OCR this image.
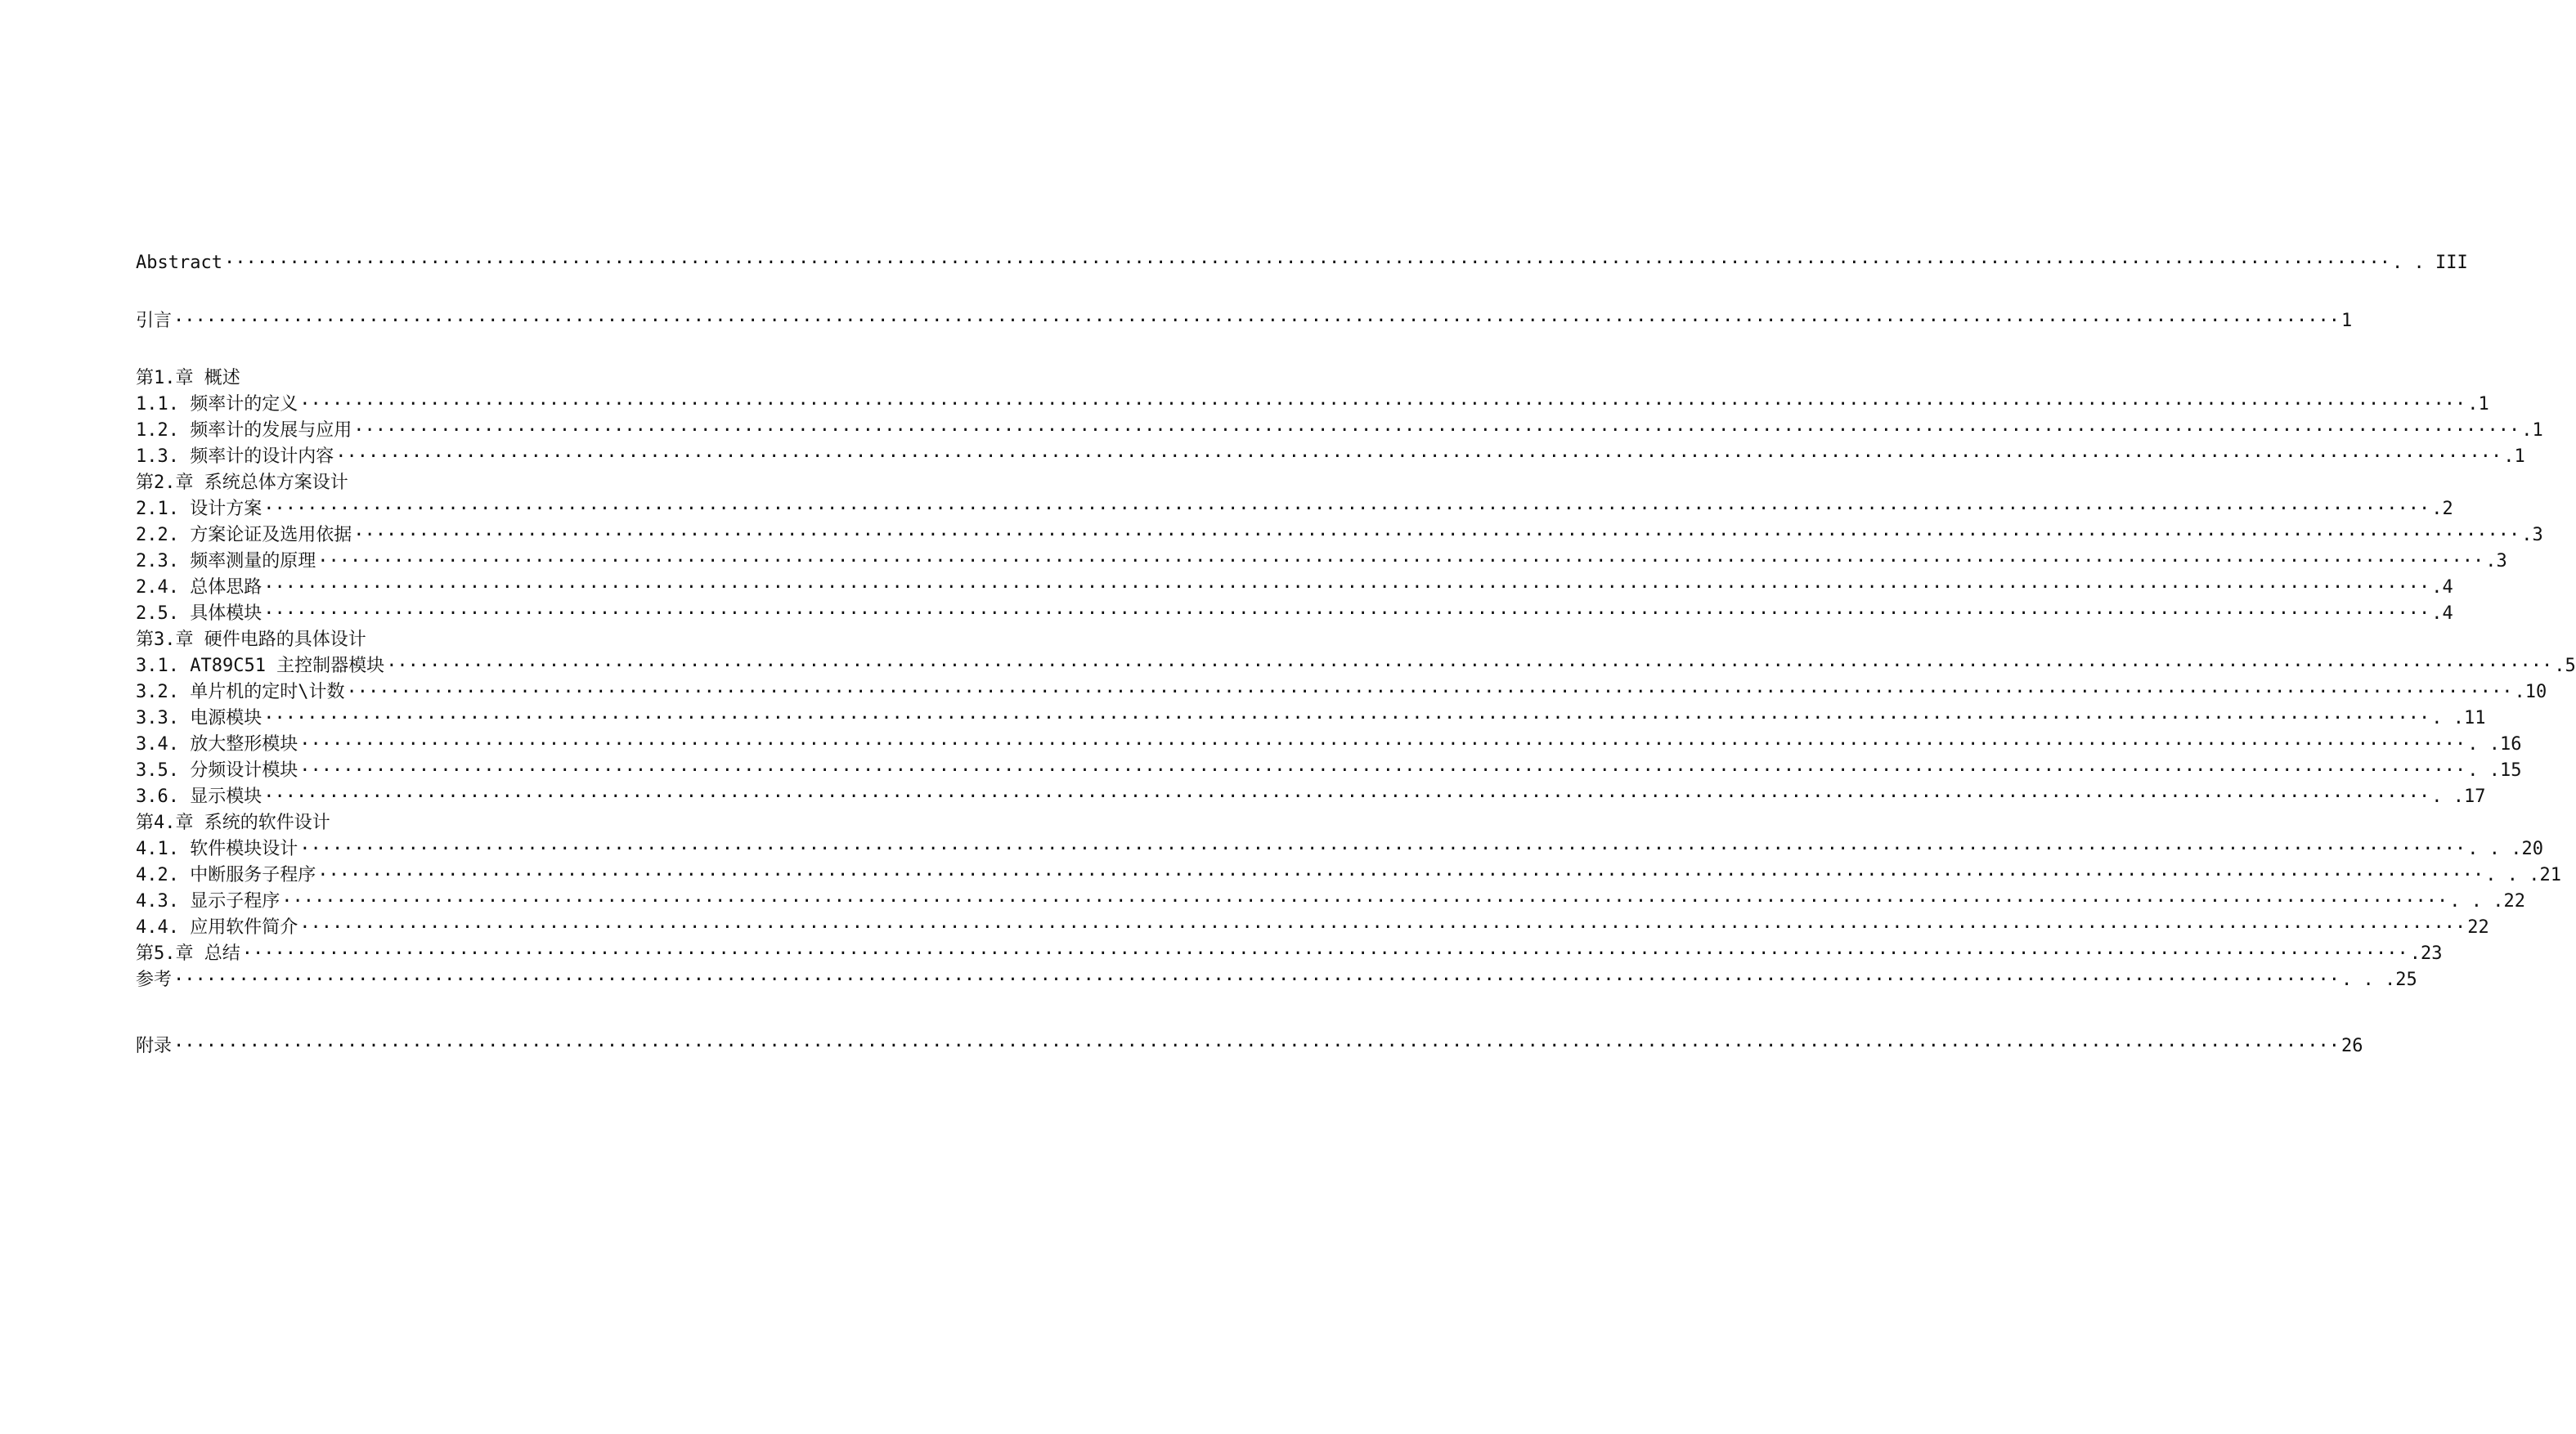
Abstract ········································································································································································································ . . III
引言 ········································································································································································································ 1
第1.章 概述
1.1. 频率计的定义 ········································································································································································································ .1
1.2. 频率计的发展与应用 ········································································································································································································ .1
1.3. 频率计的设计内容 ········································································································································································································ .1
第2.章 系统总体方案设计
2.1. 设计方案 ········································································································································································································ .2
2.2. 方案论证及选用依据 ········································································································································································································ .3
2.3. 频率测量的原理 ········································································································································································································ .3
2.4. 总体思路 ········································································································································································································ .4
2.5. 具体模块 ········································································································································································································ .4
第3.章 硬件电路的具体设计
3.1. AT89C51 主控制器模块 ········································································································································································································ .5
3.2. 单片机的定时\计数 ········································································································································································································ .10
3.3. 电源模块 ········································································································································································································ . .11
3.4. 放大整形模块 ········································································································································································································ . .16
3.5. 分频设计模块 ········································································································································································································ . .15
3.6. 显示模块 ········································································································································································································ . .17
第4.章 系统的软件设计
4.1. 软件模块设计 ········································································································································································································ . . .20
4.2. 中断服务子程序 ········································································································································································································ . . .21
4.3. 显示子程序 ········································································································································································································ . . .22
4.4. 应用软件简介 ········································································································································································································ 22
第5.章 总结 ········································································································································································································ .23
参考 ········································································································································································································ . . .25
附录 ········································································································································································································ 26
